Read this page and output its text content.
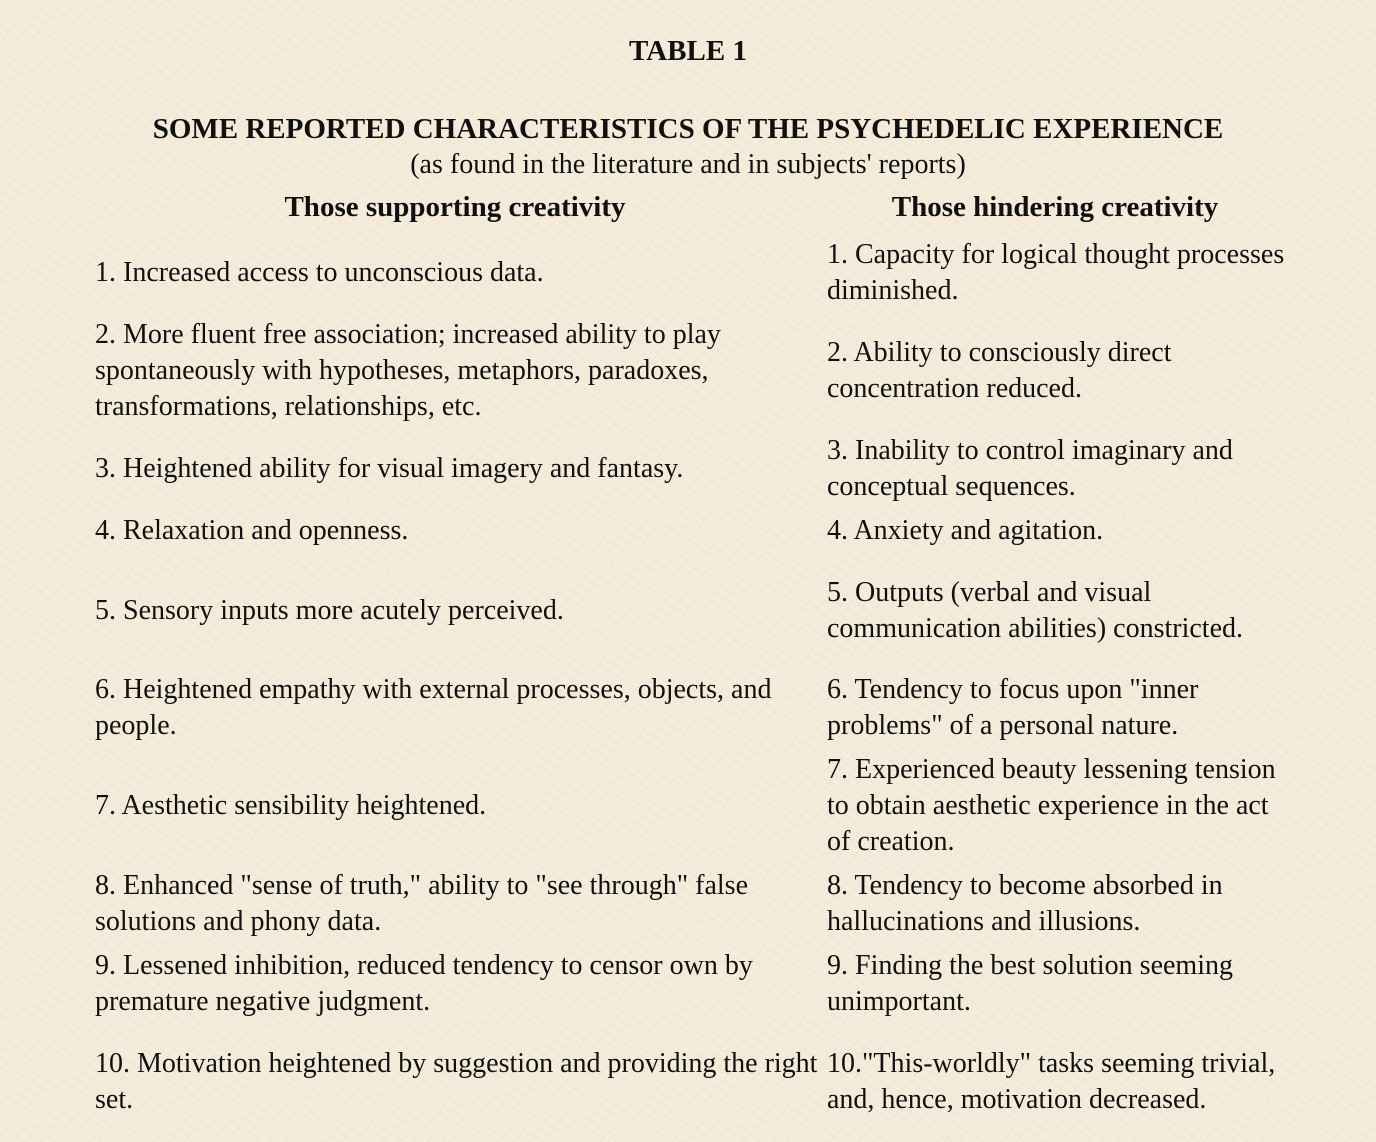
TABLE 1
SOME REPORTED CHARACTERISTICS OF THE PSYCHEDELIC EXPERIENCE
(as found in the literature and in subjects' reports)
Those supporting creativity	Those hindering creativity
1. Increased access to unconscious data.
1. Capacity for logical thought processes diminished.
2. More fluent free association; increased ability to play spontaneously with hypotheses, metaphors, paradoxes, transformations, relationships, etc.
2. Ability to consciously direct concentration reduced.
3. Heightened ability for visual imagery and fantasy.
3. Inability to control imaginary and conceptual sequences.
4. Relaxation and openness.	4. Anxiety and agitation.
5. Sensory inputs more acutely perceived.
5. Outputs (verbal and visual communication abilities) constricted.
6. Heightened empathy with external processes, objects, and people.
6. Tendency to focus upon "inner problems" of a personal nature.
7. Aesthetic sensibility heightened.
7. Experienced beauty lessening tension to obtain aesthetic experience in the act of creation.
8. Enhanced "sense of truth," ability to "see through" false solutions and phony data.
8. Tendency to become absorbed in hallucinations and illusions.
9. Lessened inhibition, reduced tendency to censor own by premature negative judgment.
9. Finding the best solution seeming unimportant.
10. Motivation heightened by suggestion and providing the right set.
10."This-worldly" tasks seeming trivial, and, hence, motivation decreased.
